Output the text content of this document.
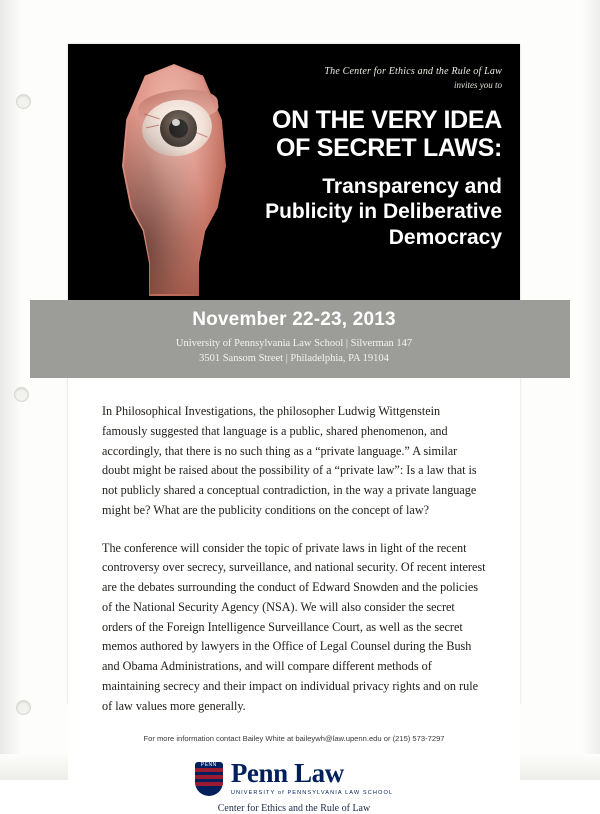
The Center for Ethics and the Rule of Law
invites you to
ON THE VERY IDEA
OF SECRET LAWS:
Transparency and
Publicity in Deliberative
Democracy
November 22-23, 2013
University of Pennsylvania Law School | Silverman 147
3501 Sansom Street | Philadelphia, PA 19104

In Philosophical Investigations, the philosopher Ludwig Wittgenstein famously suggested that language is a public, shared phenomenon, and accordingly, that there is no such thing as a “private language.” A similar doubt might be raised about the possibility of a “private law”: Is a law that is not publicly shared a conceptual contradiction, in the way a private language might be? What are the publicity conditions on the concept of law?

The conference will consider the topic of private laws in light of the recent controversy over secrecy, surveillance, and national security. Of recent interest are the debates surrounding the conduct of Edward Snowden and the policies of the National Security Agency (NSA). We will also consider the secret orders of the Foreign Intelligence Surveillance Court, as well as the secret memos authored by lawyers in the Office of Legal Counsel during the Bush and Obama Administrations, and will compare different methods of maintaining secrecy and their impact on individual privacy rights and on rule of law values more generally.

For more information contact Bailey White at baileywh@law.upenn.edu or (215) 573-7297
PENN Penn Law
UNIVERSITY of PENNSYLVANIA LAW SCHOOL
Center for Ethics and the Rule of Law
